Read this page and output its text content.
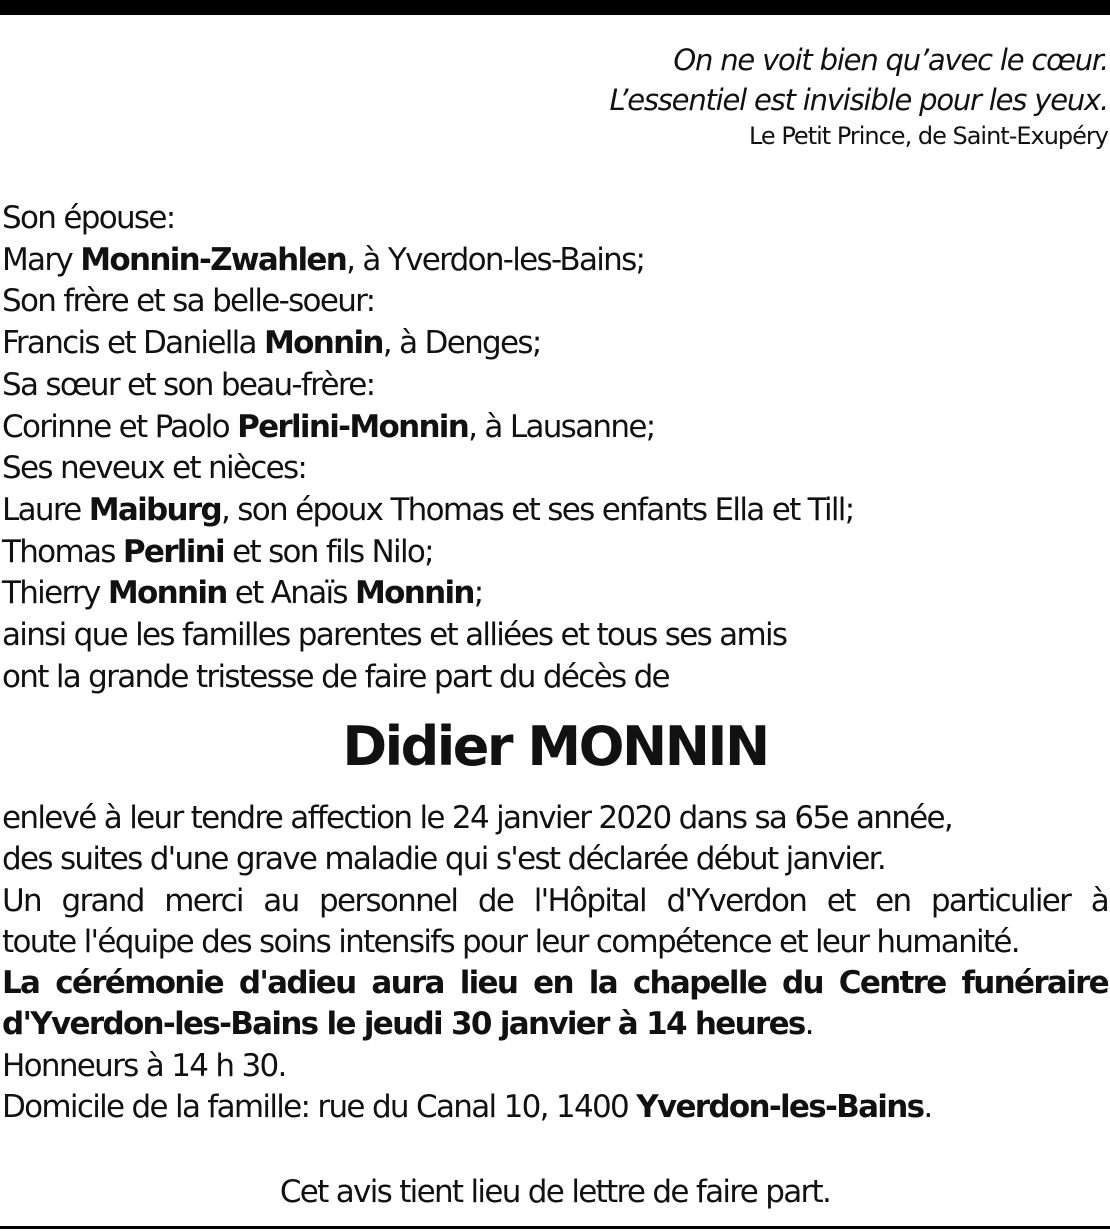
On ne voit bien qu’avec le cœur.
L’essentiel est invisible pour les yeux.
Le Petit Prince, de Saint-Exupéry
Son épouse:
Mary Monnin-Zwahlen, à Yverdon-les-Bains;
Son frère et sa belle-soeur:
Francis et Daniella Monnin, à Denges;
Sa sœur et son beau-frère:
Corinne et Paolo Perlini-Monnin, à Lausanne;
Ses neveux et nièces:
Laure Maiburg, son époux Thomas et ses enfants Ella et Till;
Thomas Perlini et son fils Nilo;
Thierry Monnin et Anaïs Monnin;
ainsi que les familles parentes et alliées et tous ses amis
ont la grande tristesse de faire part du décès de
Didier MONNIN
enlevé à leur tendre affection le 24 janvier 2020 dans sa 65e année,
des suites d'une grave maladie qui s'est déclarée début janvier.
Un grand merci au personnel de l'Hôpital d'Yverdon et en particulier à
toute l'équipe des soins intensifs pour leur compétence et leur humanité.
La cérémonie d'adieu aura lieu en la chapelle du Centre funéraire
d'Yverdon-les-Bains le jeudi 30 janvier à 14 heures.
Honneurs à 14 h 30.
Domicile de la famille: rue du Canal 10, 1400 Yverdon-les-Bains.
Cet avis tient lieu de lettre de faire part.
